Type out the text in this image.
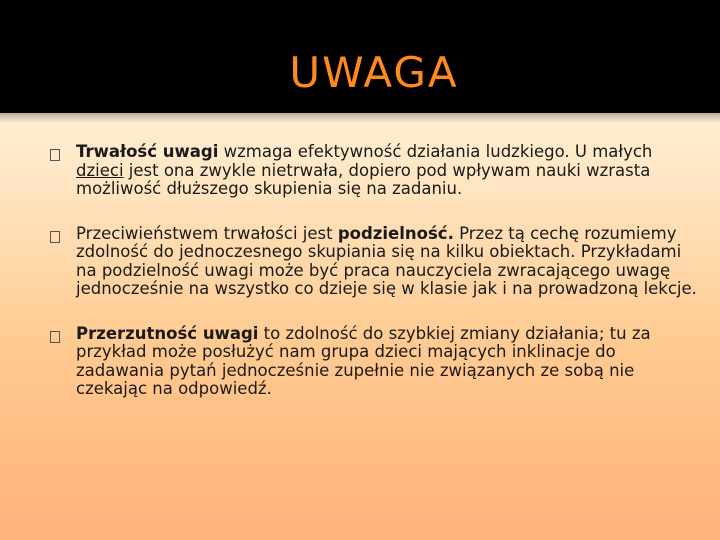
UWAGA

Trwałość uwagi wzmaga efektywność działania ludzkiego. U małych dzieci jest ona zwykle nietrwała, dopiero pod wpływam nauki wzrasta możliwość dłuższego skupienia się na zadaniu.

Przeciwieństwem trwałości jest podzielność. Przez tą cechę rozumiemy zdolność do jednoczesnego skupiania się na kilku obiektach. Przykładami na podzielność uwagi może być praca nauczyciela zwracającego uwagę jednocześnie na wszystko co dzieje się w klasie jak i na prowadzoną lekcje.

Przerzutność uwagi to zdolność do szybkiej zmiany działania; tu za przykład może posłużyć nam grupa dzieci mających inklinacje do zadawania pytań jednocześnie zupełnie nie związanych ze sobą nie czekając na odpowiedź.
